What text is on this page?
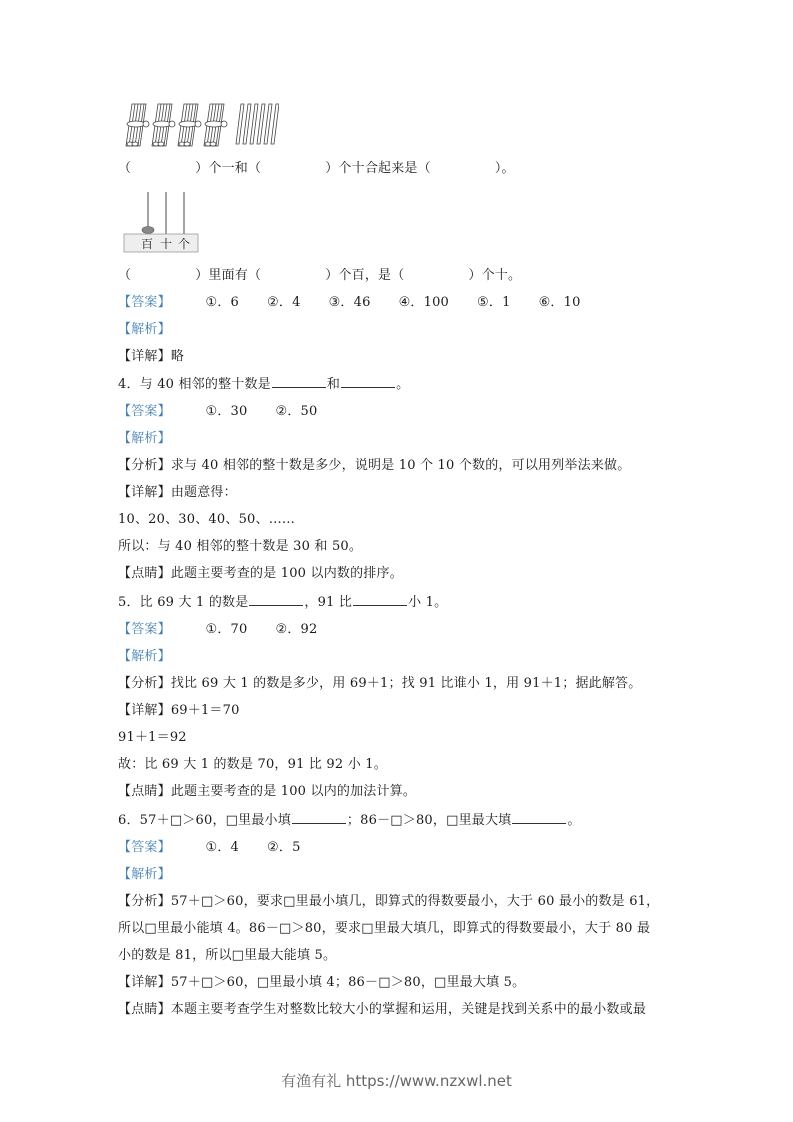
（	）个一和（	）个十合起来是（	）。
百 十 个
（	）里面有（	）个百，是（	）个十。
【答案】	①．6 ②．4 ③．46 ④．100 ⑤．1 ⑥．10
【解析】
【详解】略
4．与 40 相邻的整十数是	和	。
【答案】	①．30 ②．50
【解析】
【分析】求与 40 相邻的整十数是多少，说明是 10 个 10 个数的，可以用列举法来做。
【详解】由题意得：
10、20、30、40、50、……
所以：与 40 相邻的整十数是 30 和 50。
【点睛】此题主要考查的是 100 以内数的排序。
5．比 69 大 1 的数是	，91 比	小 1。
【答案】	①．70 ②．92
【解析】
【分析】找比 69 大 1 的数是多少，用 69＋1；找 91 比谁小 1，用 91＋1；据此解答。
【详解】69＋1＝70
91＋1＝92
故：比 69 大 1 的数是 70，91 比 92 小 1。
【点睛】此题主要考查的是 100 以内的加法计算。
6．57＋□＞60，□里最小填	；86－□＞80，□里最大填	。
【答案】	①．4 ②．5
【解析】
【分析】57＋□＞60，要求□里最小填几，即算式的得数要最小，大于 60 最小的数是 61，
所以□里最小能填 4。86－□＞80，要求□里最大填几，即算式的得数要最小，大于 80 最
小的数是 81，所以□里最大能填 5。
【详解】57＋□＞60，□里最小填 4；86－□＞80，□里最大填 5。
【点睛】本题主要考查学生对整数比较大小的掌握和运用，关键是找到关系中的最小数或最
有渔有礼 https://www.nzxwl.net
